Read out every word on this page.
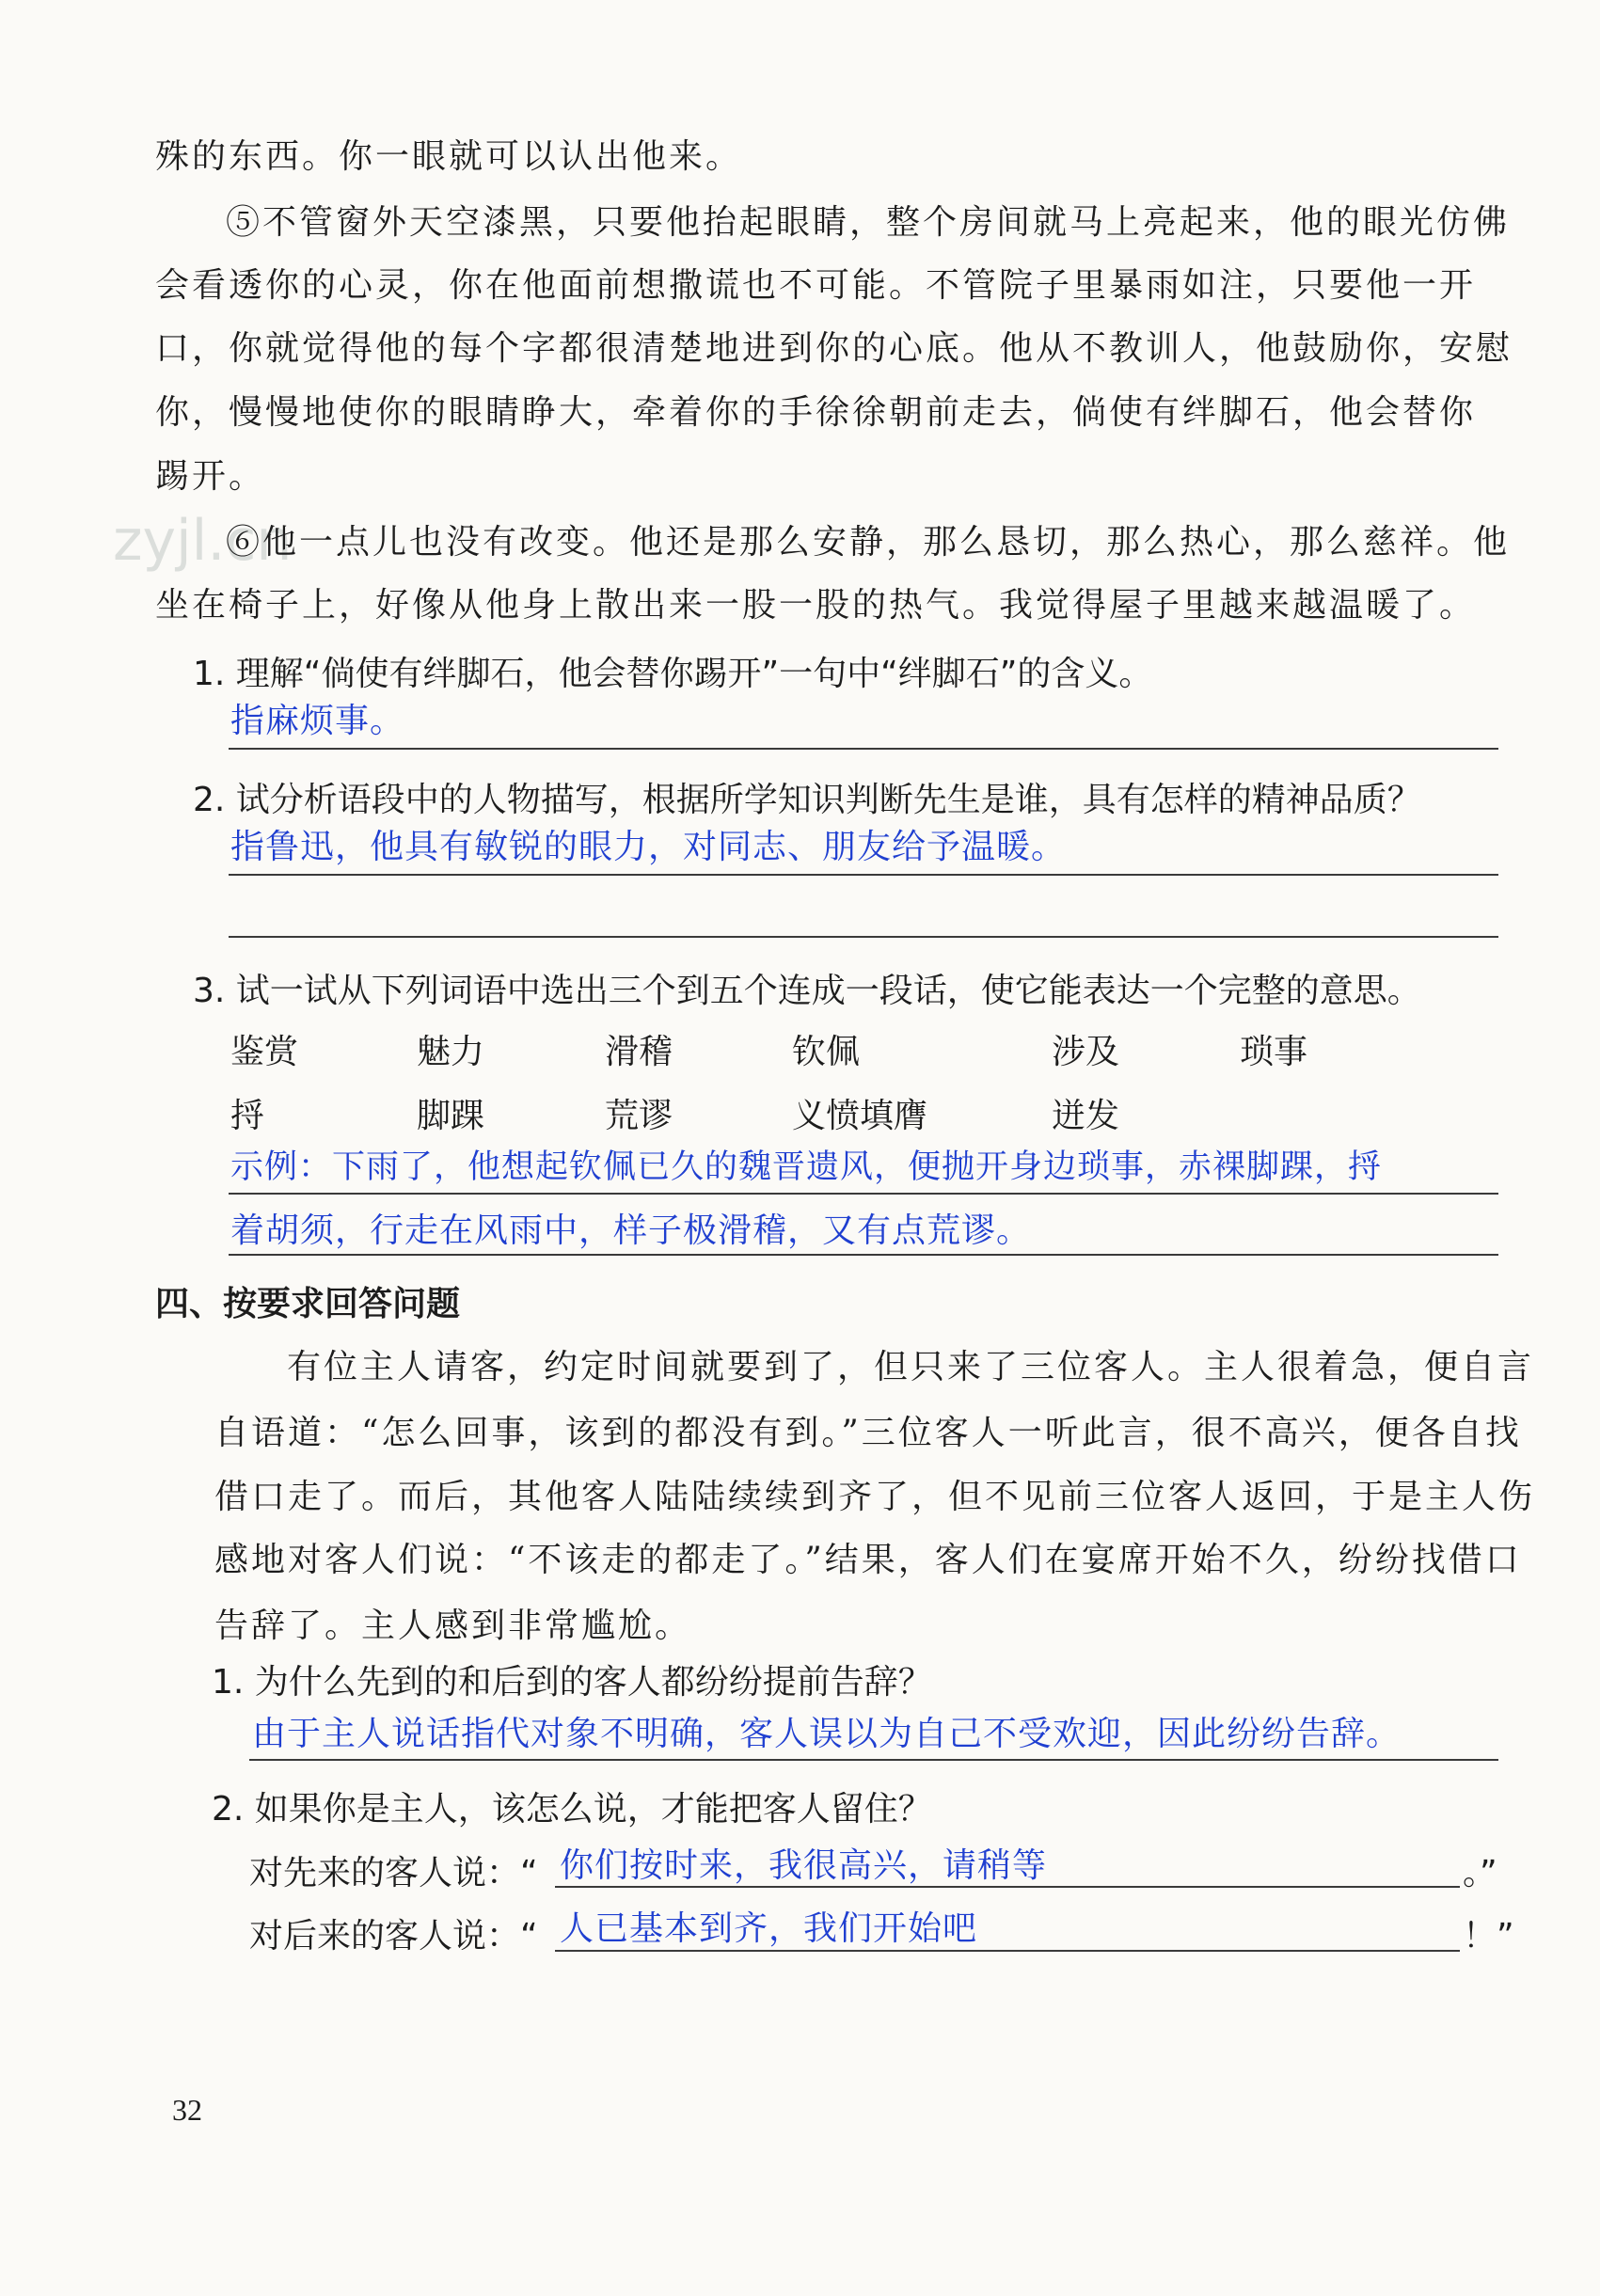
殊的东西。你一眼就可以认出他来。
⑤不管窗外天空漆黑，只要他抬起眼睛，整个房间就马上亮起来，他的眼光仿佛
会看透你的心灵，你在他面前想撒谎也不可能。不管院子里暴雨如注，只要他一开
口，你就觉得他的每个字都很清楚地进到你的心底。他从不教训人，他鼓励你，安慰
你，慢慢地使你的眼睛睁大，牵着你的手徐徐朝前走去，倘使有绊脚石，他会替你
踢开。
zyjl.cn
⑥他一点儿也没有改变。他还是那么安静，那么恳切，那么热心，那么慈祥。他
坐在椅子上，好像从他身上散出来一股一股的热气。我觉得屋子里越来越温暖了。
1. 理解“倘使有绊脚石，他会替你踢开”一句中“绊脚石”的含义。
指麻烦事。
2. 试分析语段中的人物描写，根据所学知识判断先生是谁，具有怎样的精神品质？
指鲁迅，他具有敏锐的眼力，对同志、朋友给予温暖。
3. 试一试从下列词语中选出三个到五个连成一段话，使它能表达一个完整的意思。
鉴赏	魅力	滑稽	钦佩	涉及	琐事
捋	脚踝	荒谬	义愤填膺	迸发
示例：下雨了，他想起钦佩已久的魏晋遗风，便抛开身边琐事，赤裸脚踝，捋
着胡须，行走在风雨中，样子极滑稽，又有点荒谬。
四、按要求回答问题
有位主人请客，约定时间就要到了，但只来了三位客人。主人很着急，便自言
自语道：“怎么回事，该到的都没有到。”三位客人一听此言，很不高兴，便各自找
借口走了。而后，其他客人陆陆续续到齐了，但不见前三位客人返回，于是主人伤
感地对客人们说：“不该走的都走了。”结果，客人们在宴席开始不久，纷纷找借口
告辞了。主人感到非常尴尬。
1. 为什么先到的和后到的客人都纷纷提前告辞？
由于主人说话指代对象不明确，客人误以为自己不受欢迎，因此纷纷告辞。
2. 如果你是主人，该怎么说，才能把客人留住？
对先来的客人说：“ 你们按时来，我很高兴，请稍等	。”
对后来的客人说：“ 人已基本到齐，我们开始吧	！”
32
